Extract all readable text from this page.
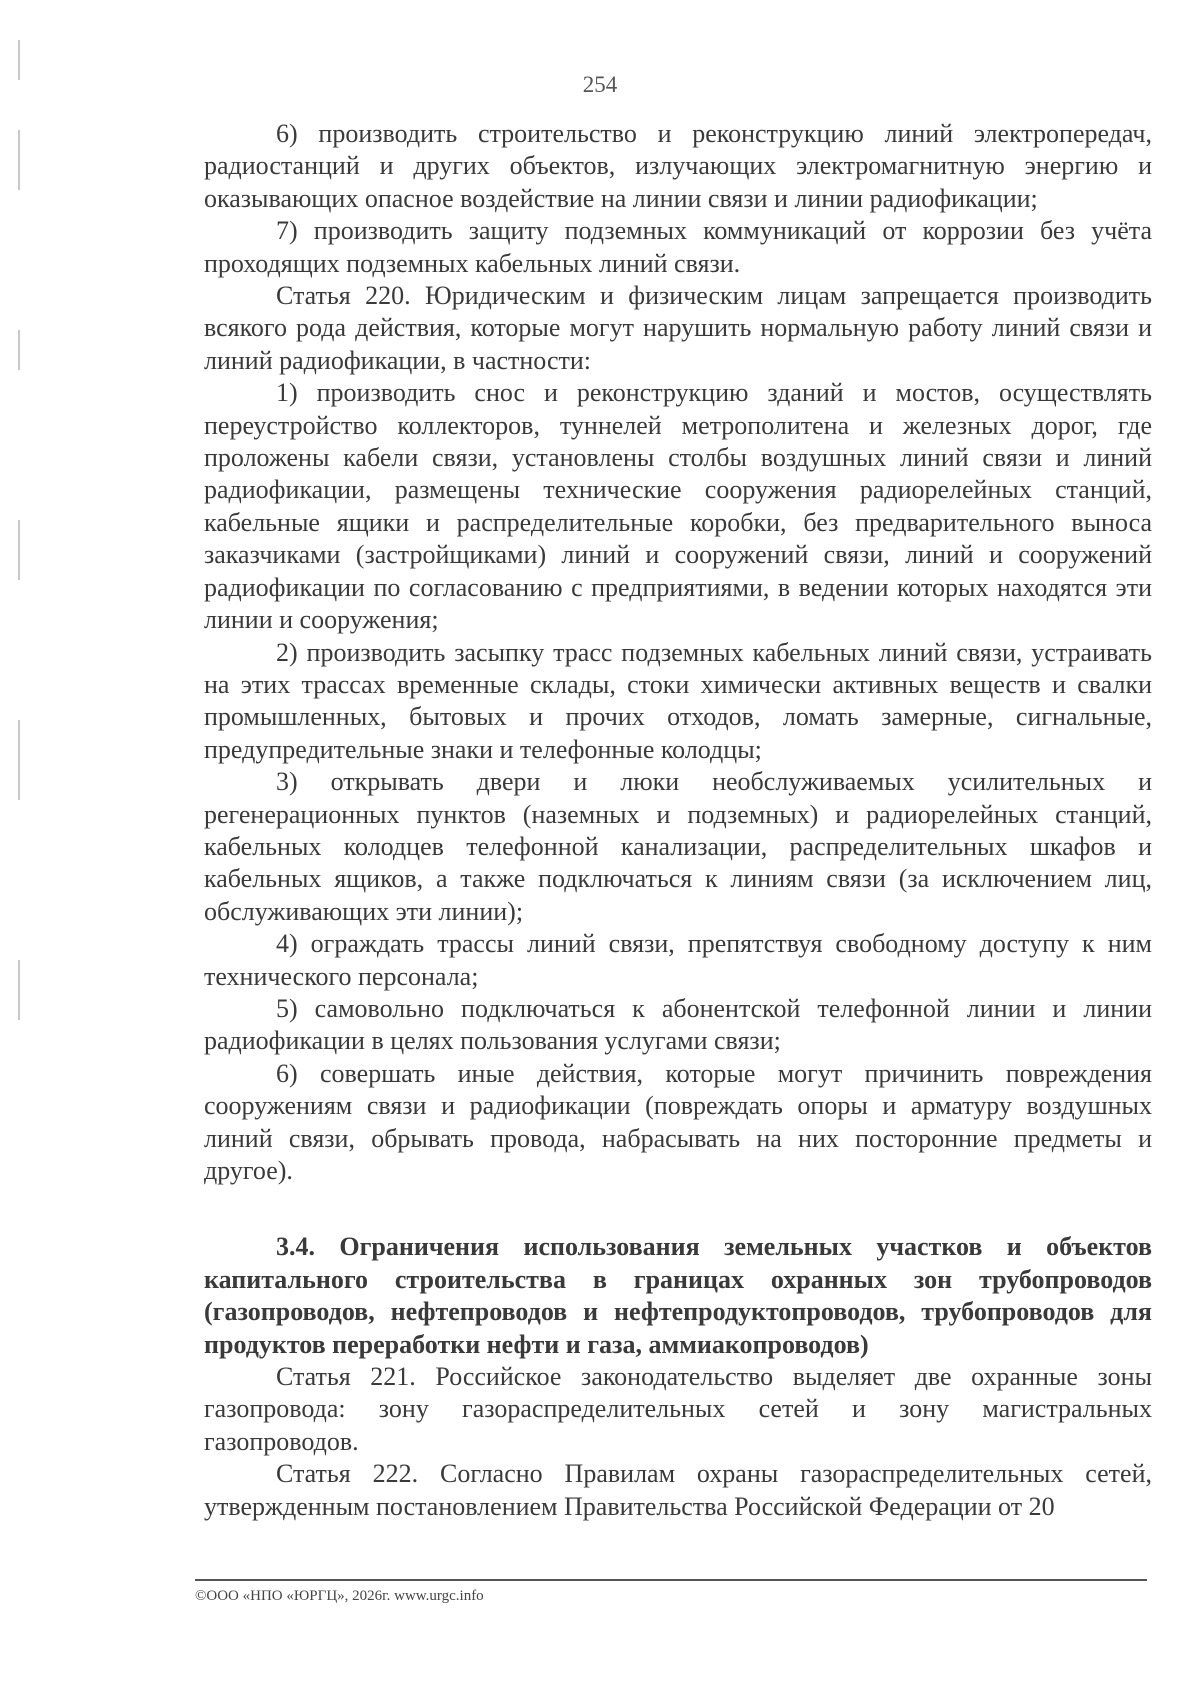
254

6) производить строительство и реконструкцию линий электропередач, радиостанций и других объектов, излучающих электромагнитную энергию и оказывающих опасное воздействие на линии связи и линии радиофикации;

7) производить защиту подземных коммуникаций от коррозии без учёта проходящих подземных кабельных линий связи.

Статья 220. Юридическим и физическим лицам запрещается производить всякого рода действия, которые могут нарушить нормальную работу линий связи и линий радиофикации, в частности:

1) производить снос и реконструкцию зданий и мостов, осуществлять переустройство коллекторов, туннелей метрополитена и железных дорог, где проложены кабели связи, установлены столбы воздушных линий связи и линий радиофикации, размещены технические сооружения радиорелейных станций, кабельные ящики и распределительные коробки, без предварительного выноса заказчиками (застройщиками) линий и сооружений связи, линий и сооружений радиофикации по согласованию с предприятиями, в ведении которых находятся эти линии и сооружения;

2) производить засыпку трасс подземных кабельных линий связи, устраивать на этих трассах временные склады, стоки химически активных веществ и свалки промышленных, бытовых и прочих отходов, ломать замерные, сигнальные, предупредительные знаки и телефонные колодцы;

3) открывать двери и люки необслуживаемых усилительных и регенерационных пунктов (наземных и подземных) и радиорелейных станций, кабельных колодцев телефонной канализации, распределительных шкафов и кабельных ящиков, а также подключаться к линиям связи (за исключением лиц, обслуживающих эти линии);

4) ограждать трассы линий связи, препятствуя свободному доступу к ним технического персонала;

5) самовольно подключаться к абонентской телефонной линии и линии радиофикации в целях пользования услугами связи;

6) совершать иные действия, которые могут причинить повреждения сооружениям связи и радиофикации (повреждать опоры и арматуру воздушных линий связи, обрывать провода, набрасывать на них посторонние предметы и другое).

3.4. Ограничения использования земельных участков и объектов капитального строительства в границах охранных зон трубопроводов (газопроводов, нефтепроводов и нефтепродуктопроводов, трубопроводов для продуктов переработки нефти и газа, аммиакопроводов)

Статья 221. Российское законодательство выделяет две охранные зоны газопровода: зону газораспределительных сетей и зону магистральных газопроводов.

Статья 222. Согласно Правилам охраны газораспределительных сетей, утвержденным постановлением Правительства Российской Федерации от 20

©ООО «НПО «ЮРГЦ», 2026г. www.urgc.info
